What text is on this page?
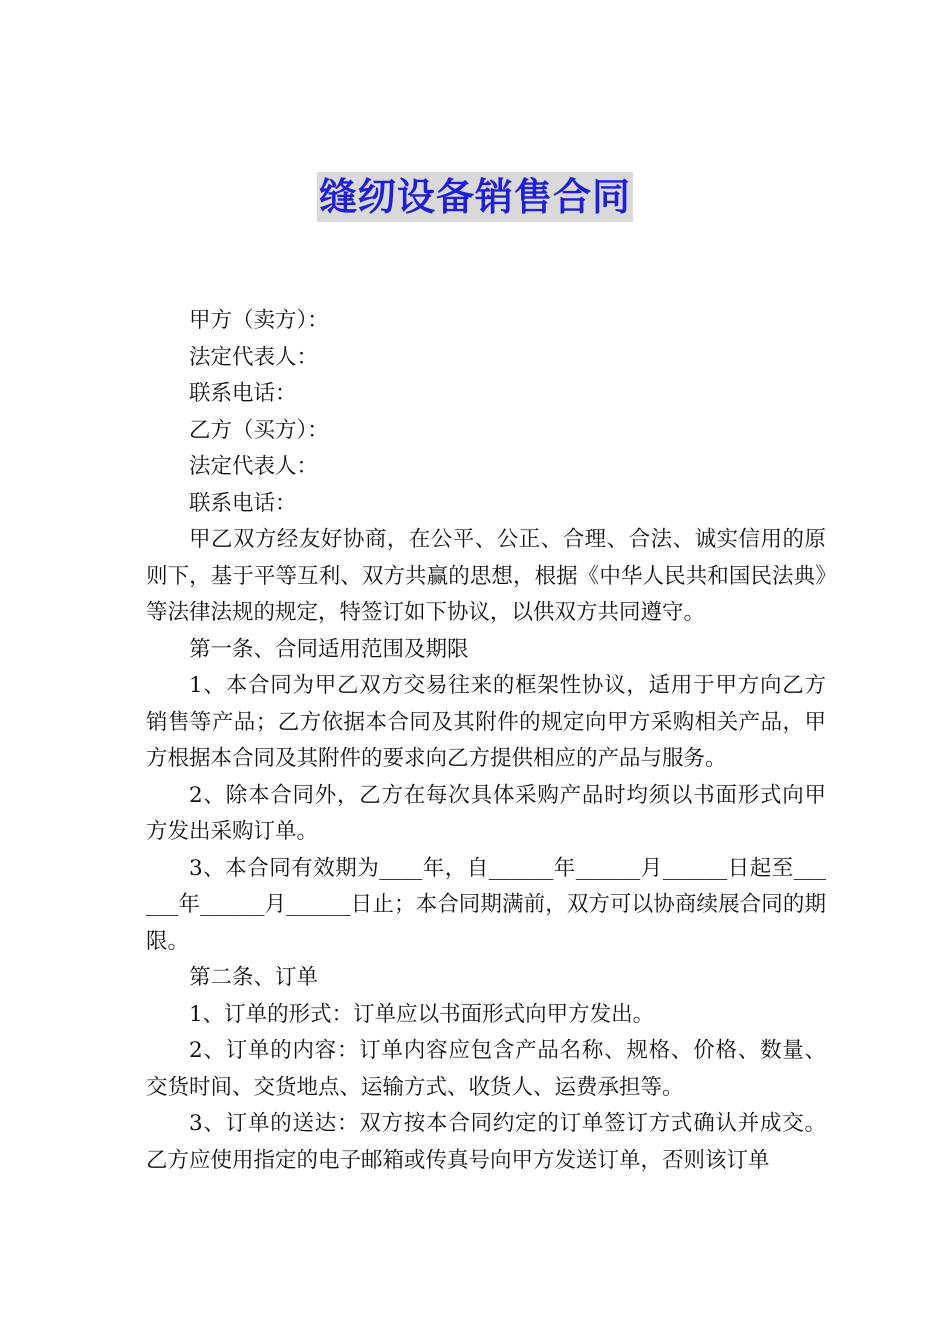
缝纫设备销售合同

甲方（卖方）：

法定代表人：

联系电话：

乙方（买方）：

法定代表人：

联系电话：

甲乙双方经友好协商，在公平、公正、合理、合法、诚实信用的原则下，基于平等互利、双方共赢的思想，根据《中华人民共和国民法典》等法律法规的规定，特签订如下协议，以供双方共同遵守。

第一条、合同适用范围及期限

1、本合同为甲乙双方交易往来的框架性协议，适用于甲方向乙方销售等产品；乙方依据本合同及其附件的规定向甲方采购相关产品，甲方根据本合同及其附件的要求向乙方提供相应的产品与服务。

2、除本合同外，乙方在每次具体采购产品时均须以书面形式向甲方发出采购订单。

3、本合同有效期为____年，自______年______月______日起至______年______月______日止；本合同期满前，双方可以协商续展合同的期限。

第二条、订单

1、订单的形式：订单应以书面形式向甲方发出。

2、订单的内容：订单内容应包含产品名称、规格、价格、数量、交货时间、交货地点、运输方式、收货人、运费承担等。

3、订单的送达：双方按本合同约定的订单签订方式确认并成交。乙方应使用指定的电子邮箱或传真号向甲方发送订单，否则该订单
